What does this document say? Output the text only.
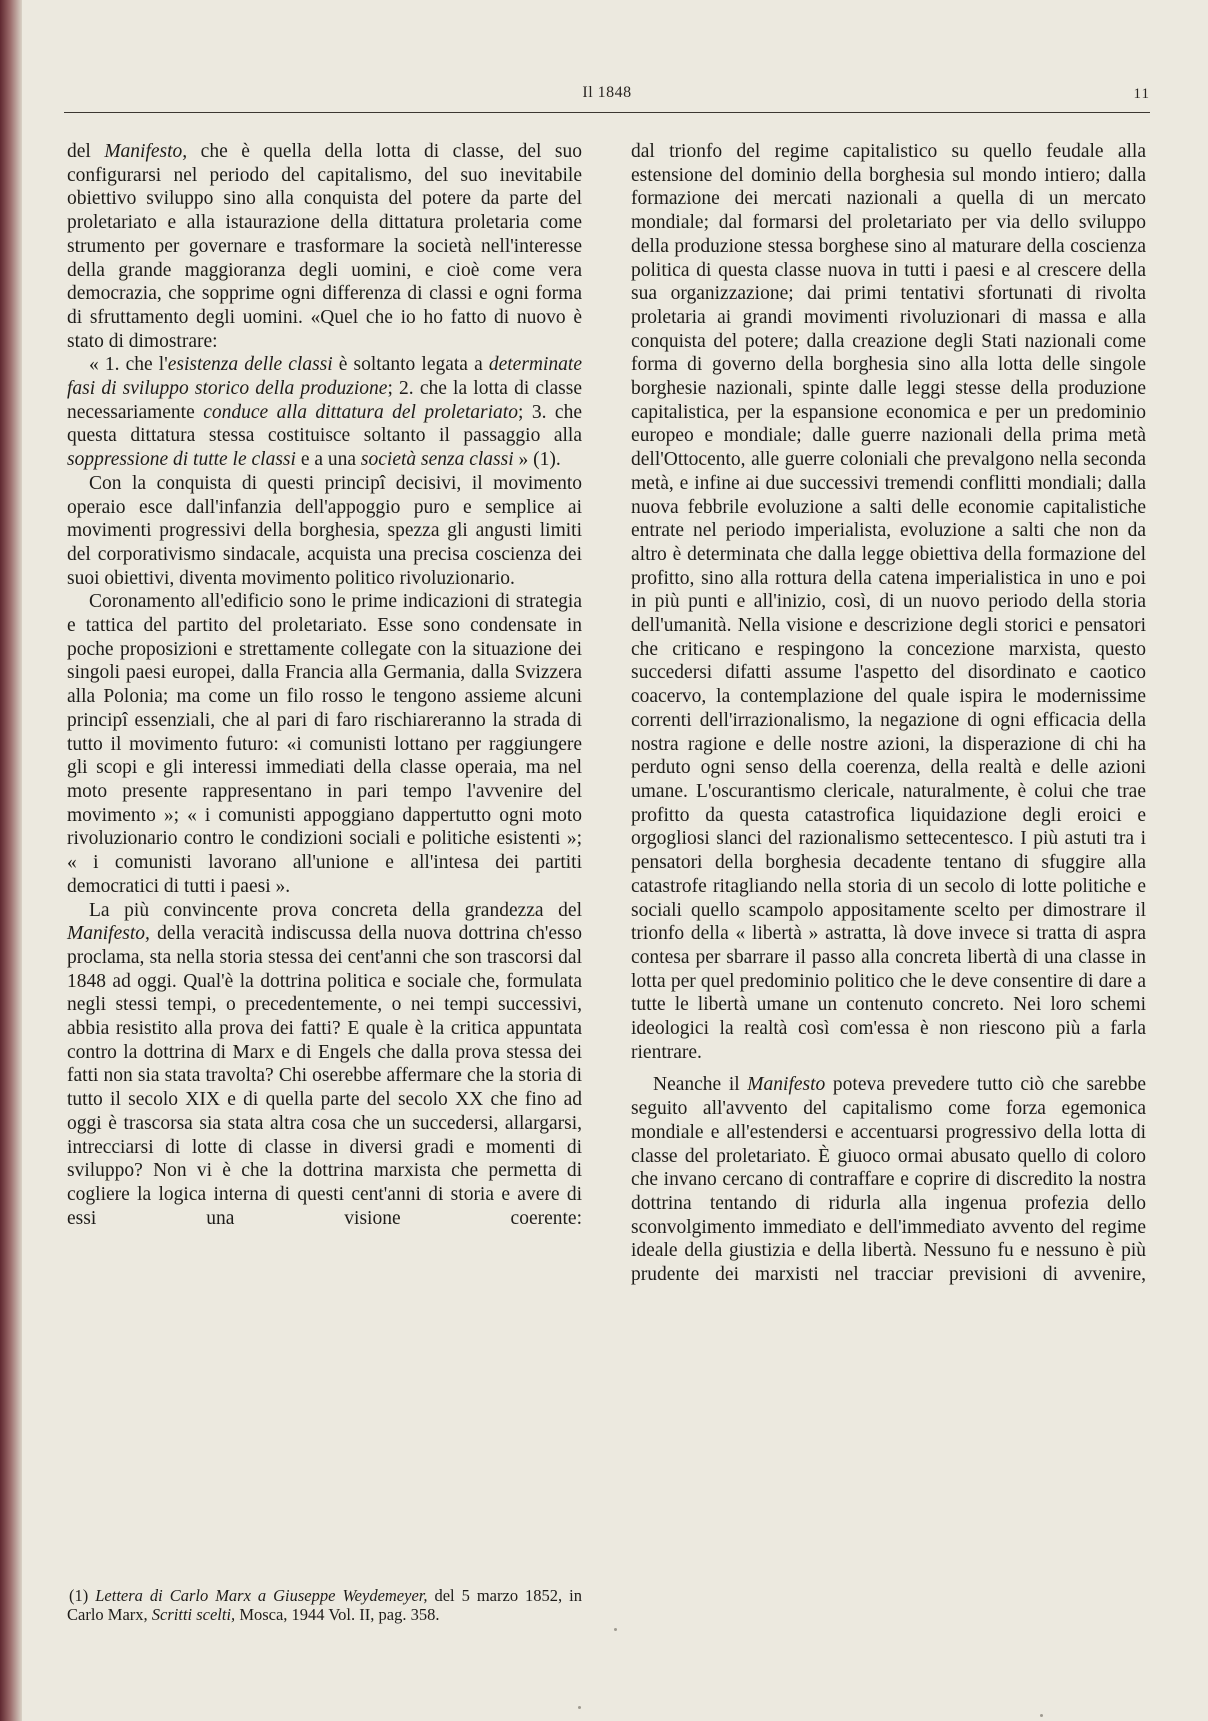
Il 1848	11

del Manifesto, che è quella della lotta di classe, del suo configurarsi nel periodo del capitalismo, del suo inevitabile obiettivo sviluppo sino alla conquista del potere da parte del proletariato e alla istaurazione della dittatura proletaria come strumento per governare e trasformare la società nell'interesse della grande maggioranza degli uomini, e cioè come vera democrazia, che sopprime ogni differenza di classi e ogni forma di sfruttamento degli uomini. «Quel che io ho fatto di nuovo è stato di dimostrare:

« 1. che l'esistenza delle classi è soltanto legata a determinate fasi di sviluppo storico della produzione; 2. che la lotta di classe necessariamente conduce alla dittatura del proletariato; 3. che questa dittatura stessa costituisce soltanto il passaggio alla soppressione di tutte le classi e a una società senza classi » (1).

Con la conquista di questi principî decisivi, il movimento operaio esce dall'infanzia dell'appoggio puro e semplice ai movimenti progressivi della borghesia, spezza gli angusti limiti del corporativismo sindacale, acquista una precisa coscienza dei suoi obiettivi, diventa movimento politico rivoluzionario.

Coronamento all'edificio sono le prime indicazioni di strategia e tattica del partito del proletariato. Esse sono condensate in poche proposizioni e strettamente collegate con la situazione dei singoli paesi europei, dalla Francia alla Germania, dalla Svizzera alla Polonia; ma come un filo rosso le tengono assieme alcuni principî essenziali, che al pari di faro rischiareranno la strada di tutto il movimento futuro: «i comunisti lottano per raggiungere gli scopi e gli interessi immediati della classe operaia, ma nel moto presente rappresentano in pari tempo l'avvenire del movimento »; « i comunisti appoggiano dappertutto ogni moto rivoluzionario contro le condizioni sociali e politiche esistenti »; « i comunisti lavorano all'unione e all'intesa dei partiti democratici di tutti i paesi ».

La più convincente prova concreta della grandezza del Manifesto, della veracità indiscussa della nuova dottrina ch'esso proclama, sta nella storia stessa dei cent'anni che son trascorsi dal 1848 ad oggi. Qual'è la dottrina politica e sociale che, formulata negli stessi tempi, o precedentemente, o nei tempi successivi, abbia resistito alla prova dei fatti? E quale è la critica appuntata contro la dottrina di Marx e di Engels che dalla prova stessa dei fatti non sia stata travolta? Chi oserebbe affermare che la storia di tutto il secolo XIX e di quella parte del secolo XX che fino ad oggi è trascorsa sia stata altra cosa che un succedersi, allargarsi, intrecciarsi di lotte di classe in diversi gradi e momenti di sviluppo? Non vi è che la dottrina marxista che permetta di cogliere la logica interna di questi cent'anni di storia e avere di essi una visione coerente:

(1) Lettera di Carlo Marx a Giuseppe Weydemeyer, del 5 marzo 1852, in Carlo Marx, Scritti scelti, Mosca, 1944 Vol. II, pag. 358.

dal trionfo del regime capitalistico su quello feudale alla estensione del dominio della borghesia sul mondo intiero; dalla formazione dei mercati nazionali a quella di un mercato mondiale; dal formarsi del proletariato per via dello sviluppo della produzione stessa borghese sino al maturare della coscienza politica di questa classe nuova in tutti i paesi e al crescere della sua organizzazione; dai primi tentativi sfortunati di rivolta proletaria ai grandi movimenti rivoluzionari di massa e alla conquista del potere; dalla creazione degli Stati nazionali come forma di governo della borghesia sino alla lotta delle singole borghesie nazionali, spinte dalle leggi stesse della produzione capitalistica, per la espansione economica e per un predominio europeo e mondiale; dalle guerre nazionali della prima metà dell'Ottocento, alle guerre coloniali che prevalgono nella seconda metà, e infine ai due successivi tremendi conflitti mondiali; dalla nuova febbrile evoluzione a salti delle economie capitalistiche entrate nel periodo imperialista, evoluzione a salti che non da altro è determinata che dalla legge obiettiva della formazione del profitto, sino alla rottura della catena imperialistica in uno e poi in più punti e all'inizio, così, di un nuovo periodo della storia dell'umanità. Nella visione e descrizione degli storici e pensatori che criticano e respingono la concezione marxista, questo succedersi difatti assume l'aspetto del disordinato e caotico coacervo, la contemplazione del quale ispira le modernissime correnti dell'irrazionalismo, la negazione di ogni efficacia della nostra ragione e delle nostre azioni, la disperazione di chi ha perduto ogni senso della coerenza, della realtà e delle azioni umane. L'oscurantismo clericale, naturalmente, è colui che trae profitto da questa catastrofica liquidazione degli eroici e orgogliosi slanci del razionalismo settecentesco. I più astuti tra i pensatori della borghesia decadente tentano di sfuggire alla catastrofe ritagliando nella storia di un secolo di lotte politiche e sociali quello scampolo appositamente scelto per dimostrare il trionfo della « libertà » astratta, là dove invece si tratta di aspra contesa per sbarrare il passo alla concreta libertà di una classe in lotta per quel predominio politico che le deve consentire di dare a tutte le libertà umane un contenuto concreto. Nei loro schemi ideologici la realtà così com'essa è non riescono più a farla rientrare.

Neanche il Manifesto poteva prevedere tutto ciò che sarebbe seguito all'avvento del capitalismo come forza egemonica mondiale e all'estendersi e accentuarsi progressivo della lotta di classe del proletariato. È giuoco ormai abusato quello di coloro che invano cercano di contraffare e coprire di discredito la nostra dottrina tentando di ridurla alla ingenua profezia dello sconvolgimento immediato e dell'immediato avvento del regime ideale della giustizia e della libertà. Nessuno fu e nessuno è più prudente dei marxisti nel tracciar previsioni di avvenire,
